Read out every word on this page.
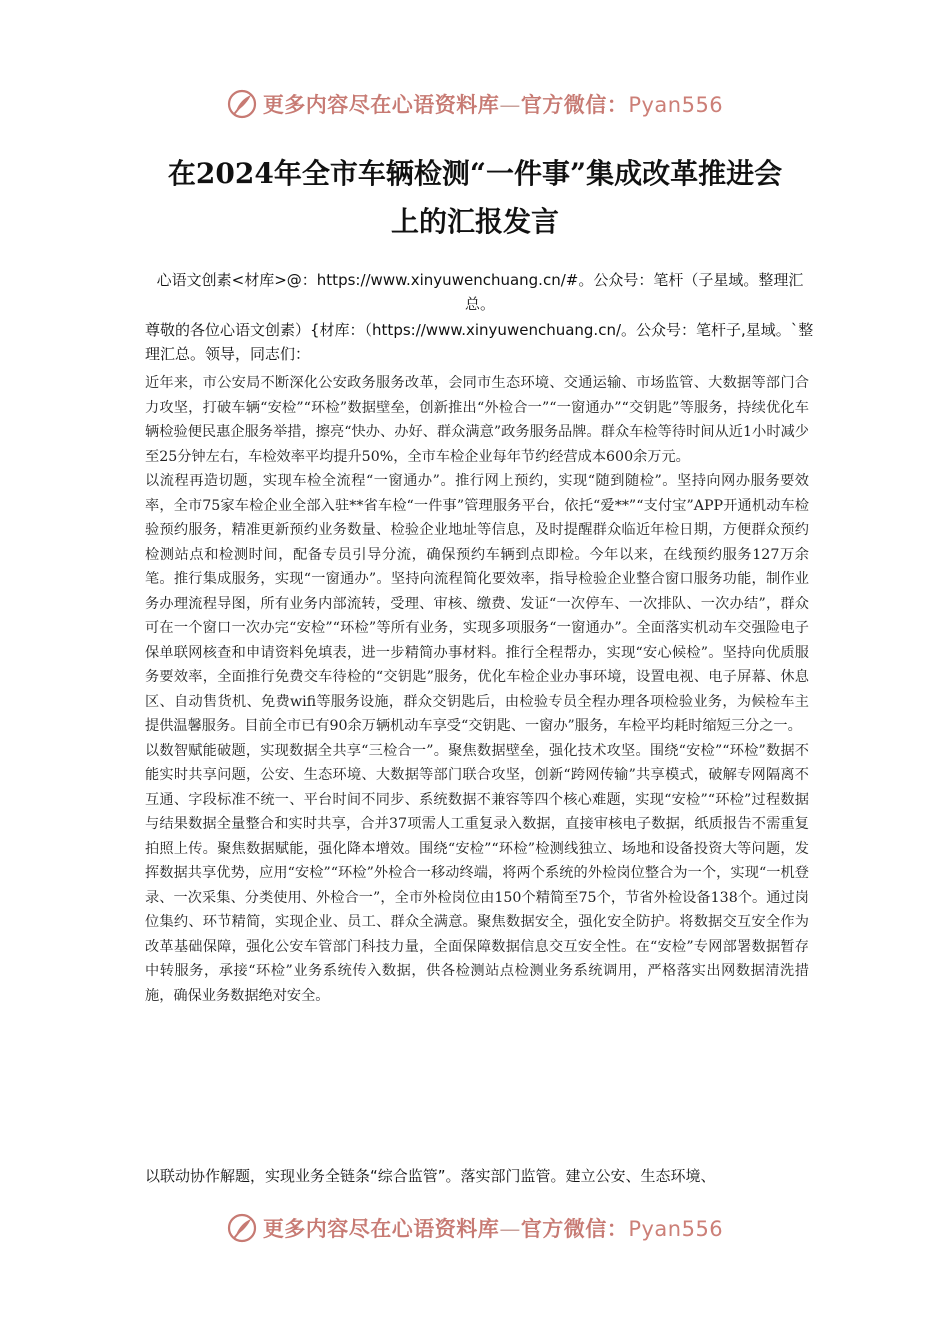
更多内容尽在心语资料库—官方微信：Pyan556
在2024年全市车辆检测“一件事”集成改革推进会
上的汇报发言
心语文创素<材库>@：https://www.xinyuwenchuang.cn/#。公众号：笔杆（子星域。整理汇总。
尊敬的各位心语文创素）{材库：（https://www.xinyuwenchuang.cn/。公众号：笔杆子,星域。`整理汇总。领导，同志们：

近年来，市公安局不断深化公安政务服务改革，会同市生态环境、交通运输、市场监管、大数据等部门合力攻坚，打破车辆“安检”“环检”数据壁垒，创新推出“外检合一”“一窗通办”“交钥匙”等服务，持续优化车辆检验便民惠企服务举措，擦亮“快办、办好、群众满意”政务服务品牌。群众车检等待时间从近1小时减少至25分钟左右，车检效率平均提升50%，全市车检企业每年节约经营成本600余万元。

以流程再造切题，实现车检全流程“一窗通办”。推行网上预约，实现“随到随检”。坚持向网办服务要效率，全市75家车检企业全部入驻**省车检“一件事”管理服务平台，依托“爱**”“支付宝”APP开通机动车检验预约服务，精准更新预约业务数量、检验企业地址等信息，及时提醒群众临近年检日期，方便群众预约检测站点和检测时间，配备专员引导分流，确保预约车辆到点即检。今年以来，在线预约服务127万余笔。推行集成服务，实现“一窗通办”。坚持向流程简化要效率，指导检验企业整合窗口服务功能，制作业务办理流程导图，所有业务内部流转，受理、审核、缴费、发证“一次停车、一次排队、一次办结”，群众可在一个窗口一次办完“安检”“环检”等所有业务，实现多项服务“一窗通办”。全面落实机动车交强险电子保单联网核查和申请资料免填表，进一步精简办事材料。推行全程帮办，实现“安心候检”。坚持向优质服务要效率，全面推行免费交车待检的“交钥匙”服务，优化车检企业办事环境，设置电视、电子屏幕、休息区、自动售货机、免费wifi等服务设施，群众交钥匙后，由检验专员全程办理各项检验业务，为候检车主提供温馨服务。目前全市已有90余万辆机动车享受“交钥匙、一窗办”服务，车检平均耗时缩短三分之一。

以数智赋能破题，实现数据全共享“三检合一”。聚焦数据壁垒，强化技术攻坚。围绕“安检”“环检”数据不能实时共享问题，公安、生态环境、大数据等部门联合攻坚，创新“跨网传输”共享模式，破解专网隔离不互通、字段标准不统一、平台时间不同步、系统数据不兼容等四个核心难题，实现“安检”“环检”过程数据与结果数据全量整合和实时共享，合并37项需人工重复录入数据，直接审核电子数据，纸质报告不需重复拍照上传。聚焦数据赋能，强化降本增效。围绕“安检”“环检”检测线独立、场地和设备投资大等问题，发挥数据共享优势，应用“安检”“环检”外检合一移动终端，将两个系统的外检岗位整合为一个，实现“一机登录、一次采集、分类使用、外检合一”，全市外检岗位由150个精简至75个，节省外检设备138个。通过岗位集约、环节精简，实现企业、员工、群众全满意。聚焦数据安全，强化安全防护。将数据交互安全作为改革基础保障，强化公安车管部门科技力量，全面保障数据信息交互安全性。在“安检”专网部署数据暂存中转服务，承接“环检”业务系统传入数据，供各检测站点检测业务系统调用，严格落实出网数据清洗措施，确保业务数据绝对安全。

以联动协作解题，实现业务全链条“综合监管”。落实部门监管。建立公安、生态环境、
更多内容尽在心语资料库—官方微信：Pyan556
